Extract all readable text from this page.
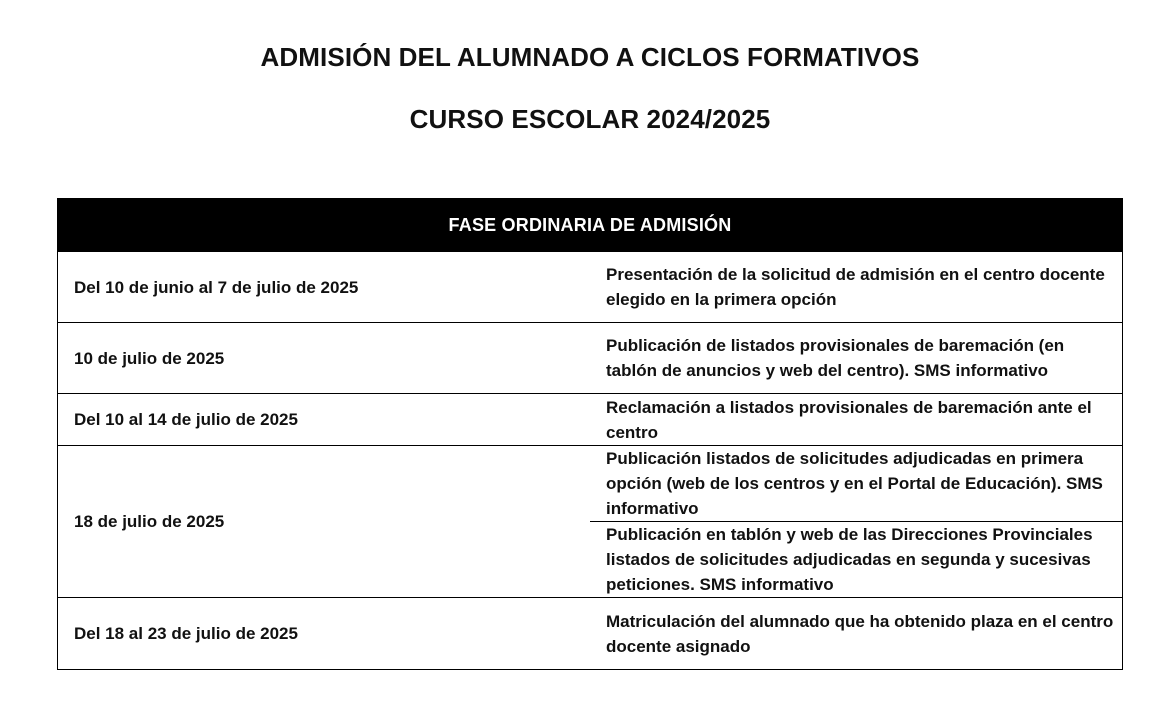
ADMISIÓN DEL ALUMNADO A CICLOS FORMATIVOS
CURSO ESCOLAR 2024/2025
FASE ORDINARIA DE ADMISIÓN	
Del 10 de junio al 7 de julio de 2025	Presentación de la solicitud de admisión en el centro docente elegido en la primera opción
10 de julio de 2025	Publicación de listados provisionales de baremación (en tablón de anuncios y web del centro). SMS informativo
Del 10 al 14 de julio de 2025	Reclamación a listados provisionales de baremación ante el centro
18 de julio de 2025	Publicación listados de solicitudes adjudicadas en primera opción (web de los centros y en el Portal de Educación). SMS informativo
	Publicación en tablón y web de las Direcciones Provinciales listados de solicitudes adjudicadas en segunda y sucesivas peticiones. SMS informativo
Del 18 al 23 de julio de 2025	Matriculación del alumnado que ha obtenido plaza en el centro docente asignado
